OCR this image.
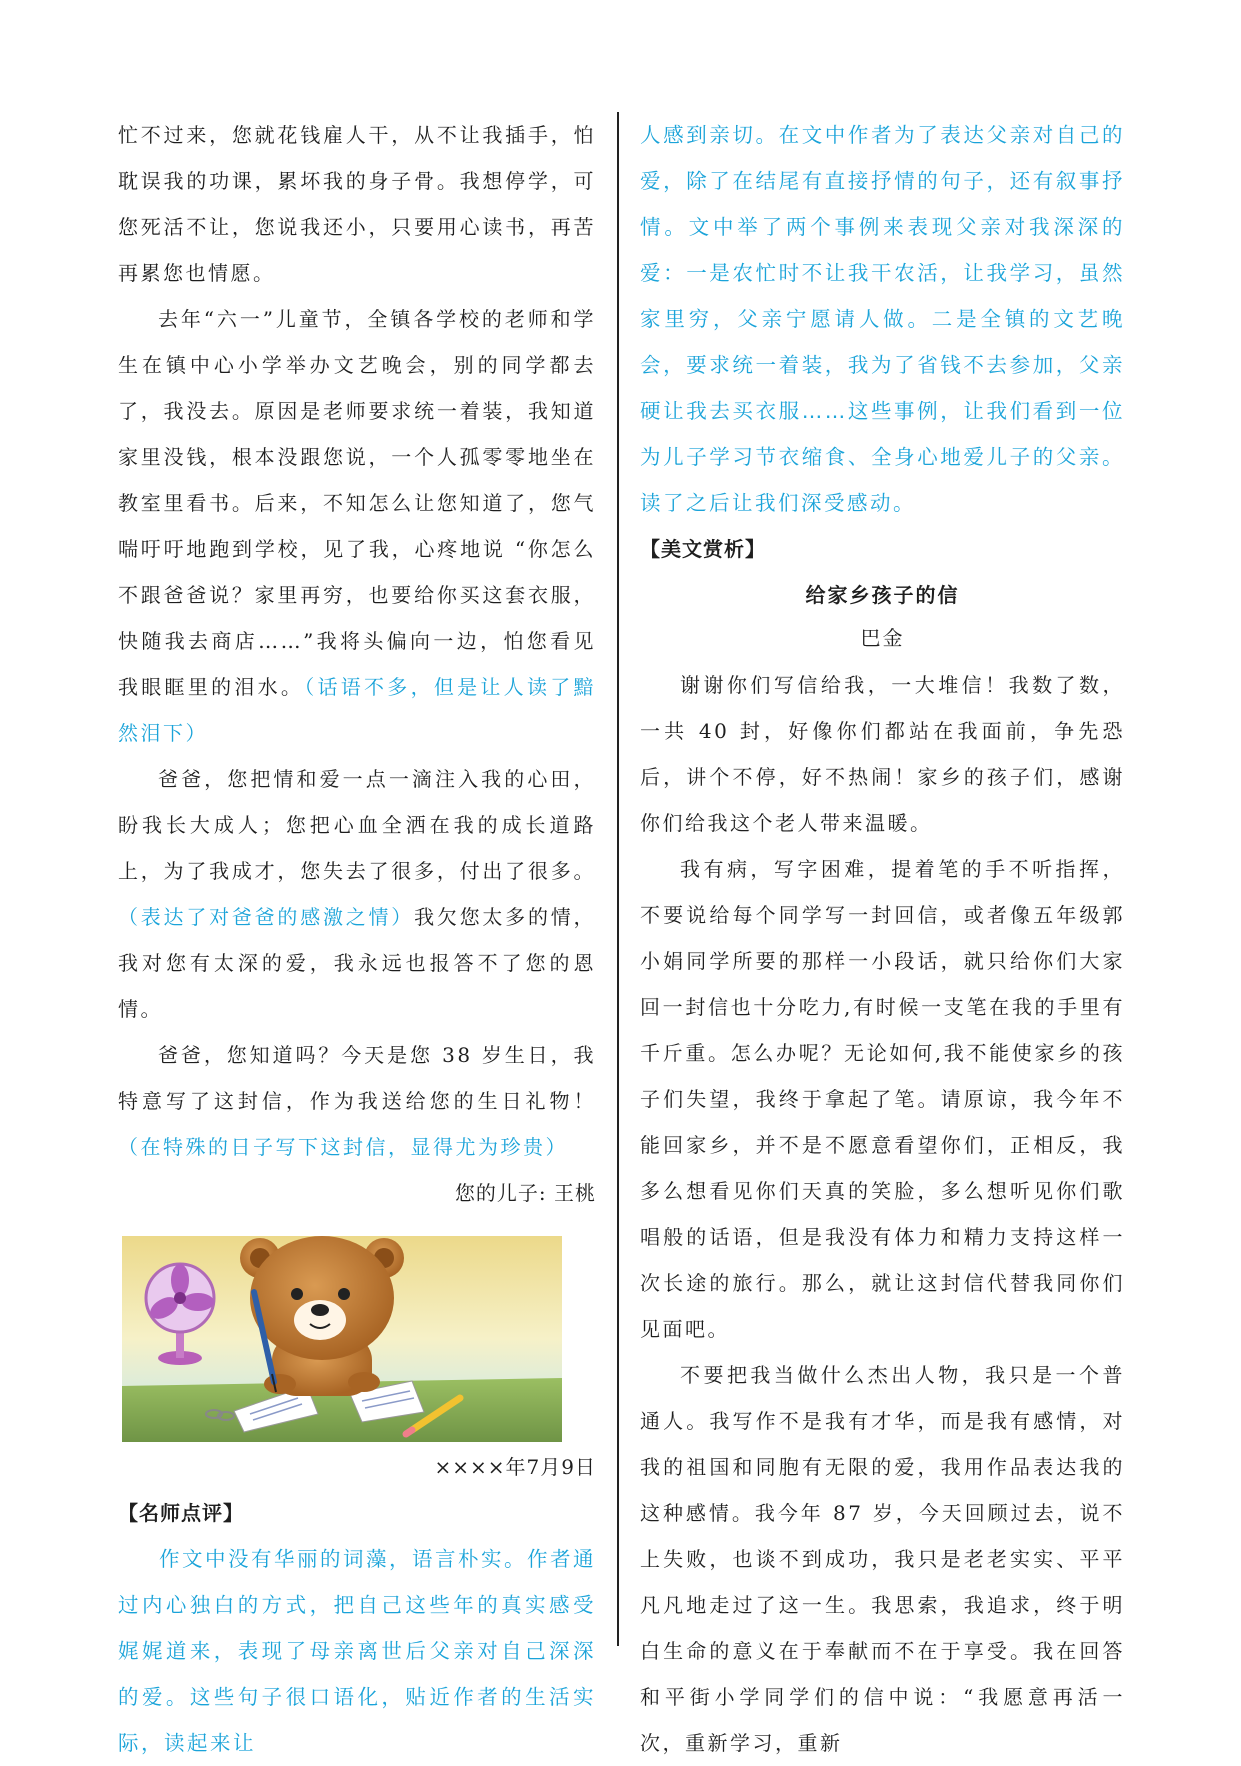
忙不过来，您就花钱雇人干，从不让我插手，怕耽误我的功课，累坏我的身子骨。我想停学，可您死活不让，您说我还小，只要用心读书，再苦再累您也情愿。

去年“六一”儿童节，全镇各学校的老师和学生在镇中心小学举办文艺晚会，别的同学都去了，我没去。原因是老师要求统一着装，我知道家里没钱，根本没跟您说，一个人孤零零地坐在教室里看书。后来，不知怎么让您知道了，您气喘吁吁地跑到学校，见了我，心疼地说 “你怎么不跟爸爸说？家里再穷，也要给你买这套衣服，快随我去商店……”我将头偏向一边，怕您看见我眼眶里的泪水。（话语不多，但是让人读了黯然泪下）

爸爸，您把情和爱一点一滴注入我的心田，盼我长大成人；您把心血全洒在我的成长道路上，为了我成才，您失去了很多，付出了很多。（表达了对爸爸的感激之情）我欠您太多的情，我对您有太深的爱，我永远也报答不了您的恩情。

爸爸，您知道吗？今天是您 38 岁生日，我特意写了这封信，作为我送给您的生日礼物！（在特殊的日子写下这封信，显得尤为珍贵）

您的儿子: 王桃

××××年7月9日

【名师点评】

作文中没有华丽的词藻，语言朴实。作者通过内心独白的方式，把自己这些年的真实感受娓娓道来，表现了母亲离世后父亲对自己深深的爱。这些句子很口语化，贴近作者的生活实际，读起来让

人感到亲切。在文中作者为了表达父亲对自己的爱，除了在结尾有直接抒情的句子，还有叙事抒情。文中举了两个事例来表现父亲对我深深的爱：一是农忙时不让我干农活，让我学习，虽然家里穷，父亲宁愿请人做。二是全镇的文艺晚会，要求统一着装，我为了省钱不去参加，父亲硬让我去买衣服……这些事例，让我们看到一位为儿子学习节衣缩食、全身心地爱儿子的父亲。读了之后让我们深受感动。

【美文赏析】

给家乡孩子的信

巴金

谢谢你们写信给我，一大堆信！我数了数，一共 40 封，好像你们都站在我面前，争先恐后，讲个不停，好不热闹！家乡的孩子们，感谢你们给我这个老人带来温暖。

我有病，写字困难，提着笔的手不听指挥，不要说给每个同学写一封回信，或者像五年级郭小娟同学所要的那样一小段话，就只给你们大家回一封信也十分吃力,有时候一支笔在我的手里有千斤重。怎么办呢？无论如何,我不能使家乡的孩子们失望，我终于拿起了笔。请原谅，我今年不能回家乡，并不是不愿意看望你们，正相反，我多么想看见你们天真的笑脸，多么想听见你们歌唱般的话语，但是我没有体力和精力支持这样一次长途的旅行。那么，就让这封信代替我同你们见面吧。

不要把我当做什么杰出人物，我只是一个普通人。我写作不是我有才华，而是我有感情，对我的祖国和同胞有无限的爱，我用作品表达我的这种感情。我今年 87 岁，今天回顾过去，说不上失败，也谈不到成功，我只是老老实实、平平凡凡地走过了这一生。我思索，我追求，终于明白生命的意义在于奉献而不在于享受。我在回答和平街小学同学们的信中说：“我愿意再活一次，重新学习，重新
